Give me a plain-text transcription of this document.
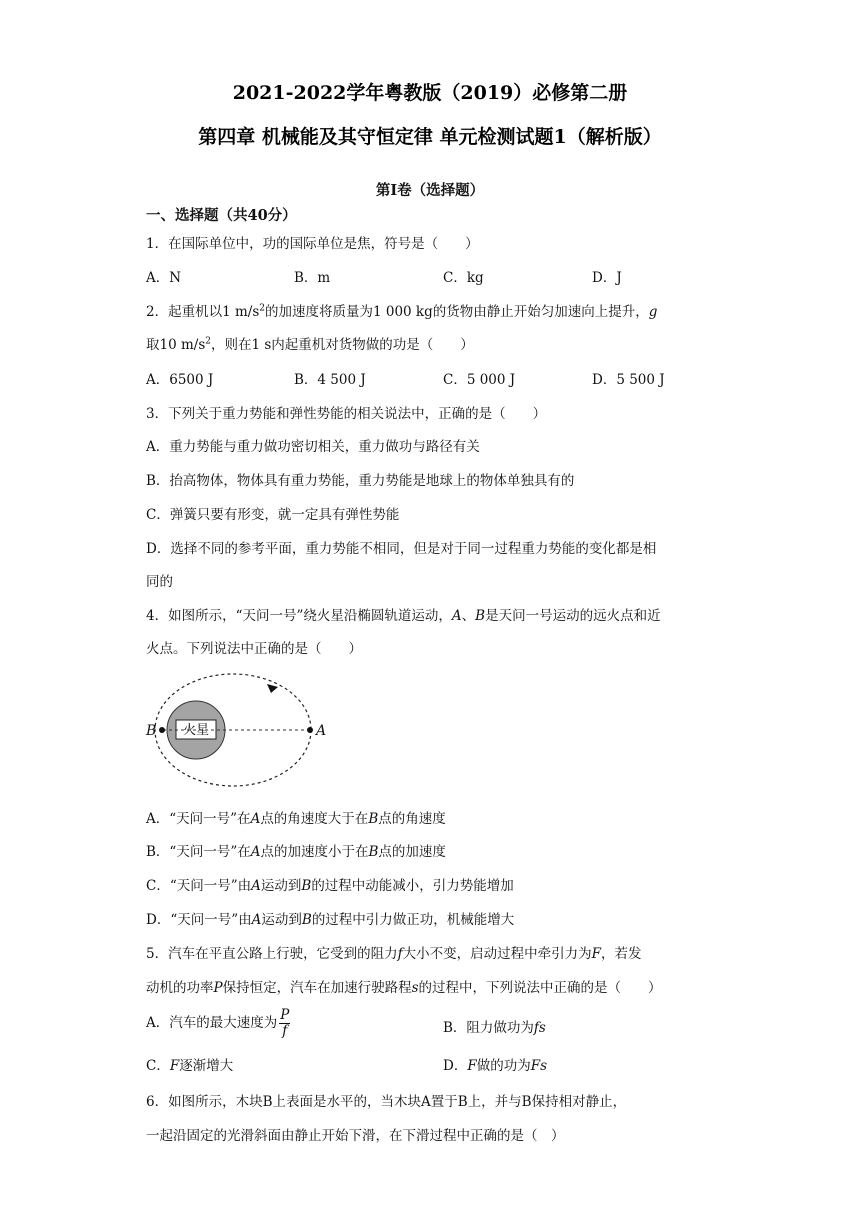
2021-2022学年粤教版（2019）必修第二册
第四章 机械能及其守恒定律 单元检测试题1（解析版）
第Ⅰ卷（选择题）
一、选择题（共40分）
1．在国际单位中，功的国际单位是焦，符号是（　　）
A．N	B．m	C．kg	D．J
2．起重机以1 $m/s^2$的加速度将质量为1 000 kg的货物由静止开始匀加速向上提升，g
取10 $m/s^2$，则在1 s内起重机对货物做的功是（　　）
A．6500 J	B．4 500 J	C．5 000 J	D．5 500 J
3．下列关于重力势能和弹性势能的相关说法中，正确的是（　　）
A．重力势能与重力做功密切相关，重力做功与路径有关
B．抬高物体，物体具有重力势能，重力势能是地球上的物体单独具有的
C．弹簧只要有形变，就一定具有弹性势能
D．选择不同的参考平面，重力势能不相同，但是对于同一过程重力势能的变化都是相
同的
4．如图所示，“天问一号”绕火星沿椭圆轨道运动，A、B是天问一号运动的远火点和近
火点。下列说法中正确的是（　　）
火星
B	A
A．“天问一号”在A点的角速度大于在B点的角速度
B．“天问一号”在A点的加速度小于在B点的加速度
C．“天问一号”由A运动到B的过程中动能减小，引力势能增加
D．“天问一号”由A运动到B的过程中引力做正功，机械能增大
5．汽车在平直公路上行驶，它受到的阻力f大小不变，启动过程中牵引力为F，若发
动机的功率P保持恒定，汽车在加速行驶路程s的过程中，下列说法中正确的是（　　）
A．汽车的最大速度为 $\frac{P}{f}$	B．阻力做功为fs
C．F逐渐增大	D．F做的功为Fs
6．如图所示，木块B上表面是水平的，当木块A置于B上，并与B保持相对静止，
一起沿固定的光滑斜面由静止开始下滑，在下滑过程中正确的是（　）
